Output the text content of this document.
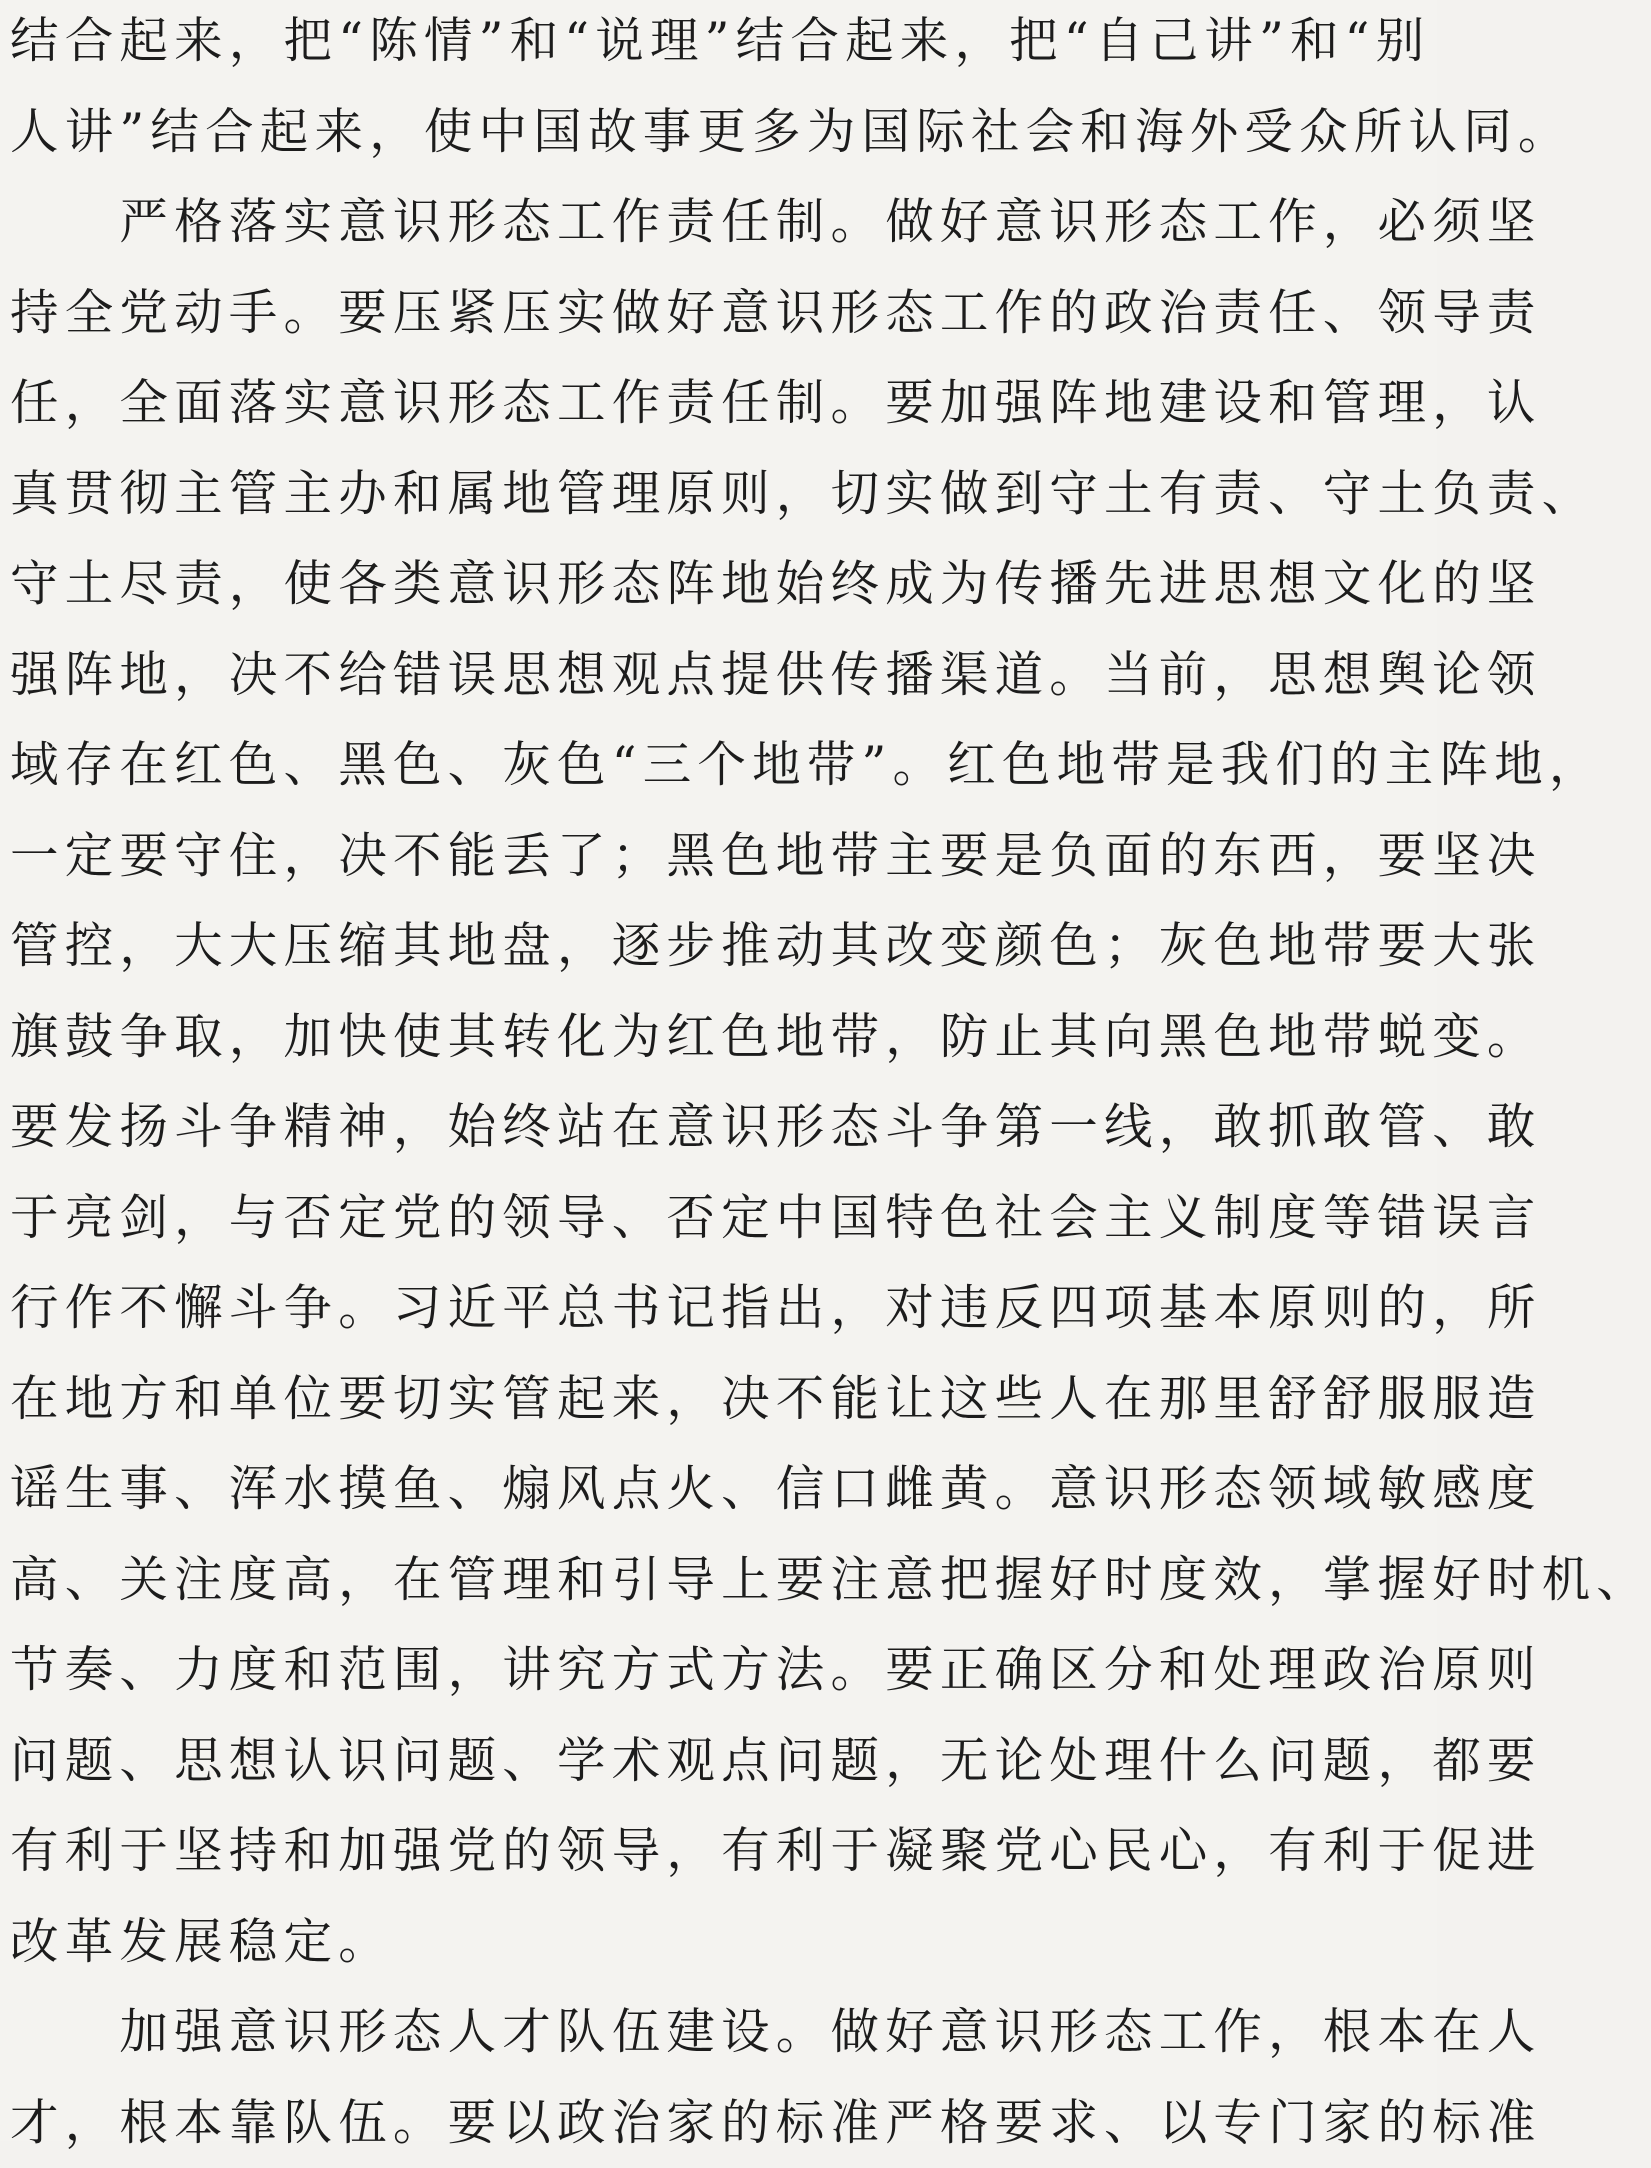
结合起来，把“陈情”和“说理”结合起来，把“自己讲”和“别
人讲”结合起来，使中国故事更多为国际社会和海外受众所认同。
　　严格落实意识形态工作责任制。做好意识形态工作，必须坚
持全党动手。要压紧压实做好意识形态工作的政治责任、领导责
任，全面落实意识形态工作责任制。要加强阵地建设和管理，认
真贯彻主管主办和属地管理原则，切实做到守土有责、守土负责、
守土尽责，使各类意识形态阵地始终成为传播先进思想文化的坚
强阵地，决不给错误思想观点提供传播渠道。当前，思想舆论领
域存在红色、黑色、灰色“三个地带”。红色地带是我们的主阵地，
一定要守住，决不能丢了；黑色地带主要是负面的东西，要坚决
管控，大大压缩其地盘，逐步推动其改变颜色；灰色地带要大张
旗鼓争取，加快使其转化为红色地带，防止其向黑色地带蜕变。
要发扬斗争精神，始终站在意识形态斗争第一线，敢抓敢管、敢
于亮剑，与否定党的领导、否定中国特色社会主义制度等错误言
行作不懈斗争。习近平总书记指出，对违反四项基本原则的，所
在地方和单位要切实管起来，决不能让这些人在那里舒舒服服造
谣生事、浑水摸鱼、煽风点火、信口雌黄。意识形态领域敏感度
高、关注度高，在管理和引导上要注意把握好时度效，掌握好时机、
节奏、力度和范围，讲究方式方法。要正确区分和处理政治原则
问题、思想认识问题、学术观点问题，无论处理什么问题，都要
有利于坚持和加强党的领导，有利于凝聚党心民心，有利于促进
改革发展稳定。
　　加强意识形态人才队伍建设。做好意识形态工作，根本在人
才，根本靠队伍。要以政治家的标准严格要求、以专门家的标准
